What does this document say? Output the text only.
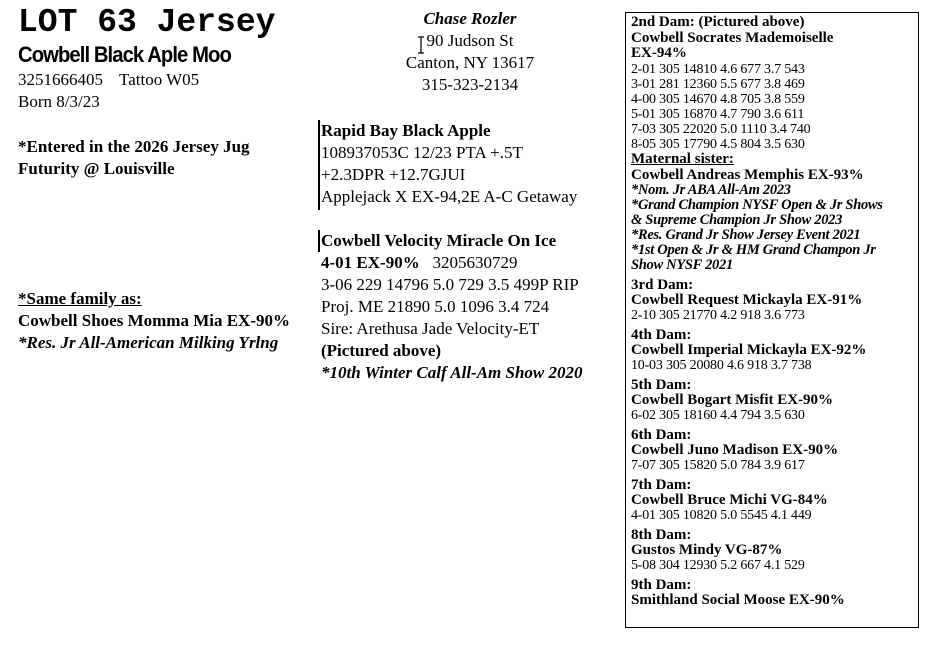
LOT 63 Jersey
Cowbell Black Aple Moo
3251666405 Tattoo W05
Born 8/3/23
*Entered in the 2026 Jersey Jug
Futurity @ Louisville
*Same family as:
Cowbell Shoes Momma Mia EX-90%
*Res. Jr All-American Milking Yrlng
Chase Rozler
90 Judson St
Canton, NY 13617
315-323-2134
Rapid Bay Black Apple
108937053C 12/23 PTA +.5T
+2.3DPR +12.7GJUI
Applejack X EX-94,2E A-C Getaway
Cowbell Velocity Miracle On Ice
4-01 EX-90% 3205630729
3-06 229 14796 5.0 729 3.5 499P RIP
Proj. ME 21890 5.0 1096 3.4 724
Sire: Arethusa Jade Velocity-ET
(Pictured above)
*10th Winter Calf All-Am Show 2020
2nd Dam: (Pictured above)
Cowbell Socrates Mademoiselle
EX-94%
2-01 305 14810 4.6 677 3.7 543
3-01 281 12360 5.5 677 3.8 469
4-00 305 14670 4.8 705 3.8 559
5-01 305 16870 4.7 790 3.6 611
7-03 305 22020 5.0 1110 3.4 740
8-05 305 17790 4.5 804 3.5 630
Maternal sister:
Cowbell Andreas Memphis EX-93%
*Nom. Jr ABA All-Am 2023
*Grand Champion NYSF Open & Jr Shows
& Supreme Champion Jr Show 2023
*Res. Grand Jr Show Jersey Event 2021
*1st Open & Jr & HM Grand Champon Jr
Show NYSF 2021
3rd Dam:
Cowbell Request Mickayla EX-91%
2-10 305 21770 4.2 918 3.6 773
4th Dam:
Cowbell Imperial Mickayla EX-92%
10-03 305 20080 4.6 918 3.7 738
5th Dam:
Cowbell Bogart Misfit EX-90%
6-02 305 18160 4.4 794 3.5 630
6th Dam:
Cowbell Juno Madison EX-90%
7-07 305 15820 5.0 784 3.9 617
7th Dam:
Cowbell Bruce Michi VG-84%
4-01 305 10820 5.0 5545 4.1 449
8th Dam:
Gustos Mindy VG-87%
5-08 304 12930 5.2 667 4.1 529
9th Dam:
Smithland Social Moose EX-90%
